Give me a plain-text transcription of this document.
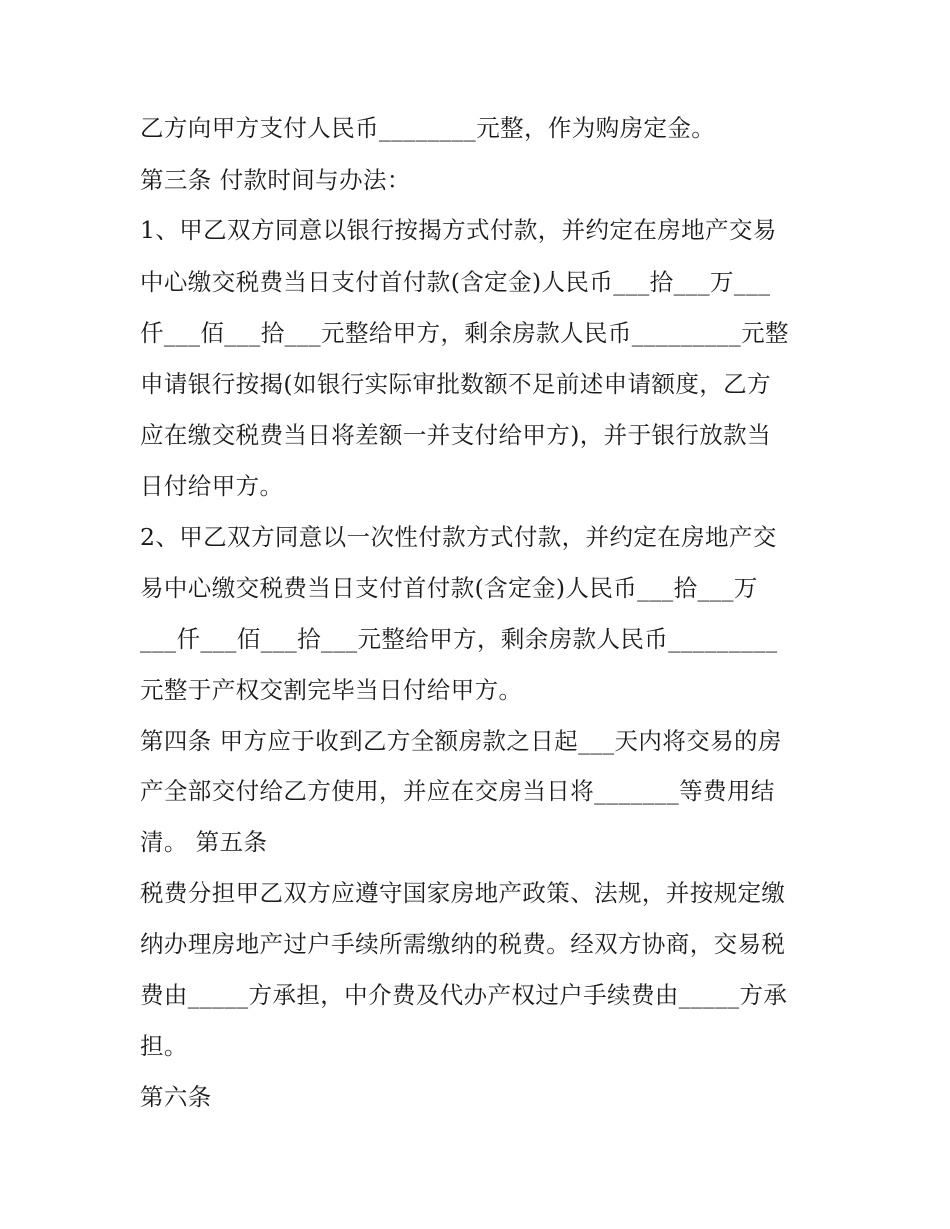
乙方向甲方支付人民币________元整，作为购房定金。
第三条 付款时间与办法：
1、甲乙双方同意以银行按揭方式付款，并约定在房地产交易
中心缴交税费当日支付首付款(含定金)人民币___拾___万___
仟___佰___拾___元整给甲方，剩余房款人民币_________元整
申请银行按揭(如银行实际审批数额不足前述申请额度，乙方
应在缴交税费当日将差额一并支付给甲方)，并于银行放款当
日付给甲方。
2、甲乙双方同意以一次性付款方式付款，并约定在房地产交
易中心缴交税费当日支付首付款(含定金)人民币___拾___万
___仟___佰___拾___元整给甲方，剩余房款人民币_________
元整于产权交割完毕当日付给甲方。
第四条 甲方应于收到乙方全额房款之日起___天内将交易的房
产全部交付给乙方使用，并应在交房当日将_______等费用结
清。 第五条
税费分担甲乙双方应遵守国家房地产政策、法规，并按规定缴
纳办理房地产过户手续所需缴纳的税费。经双方协商，交易税
费由_____方承担，中介费及代办产权过户手续费由_____方承
担。
第六条
